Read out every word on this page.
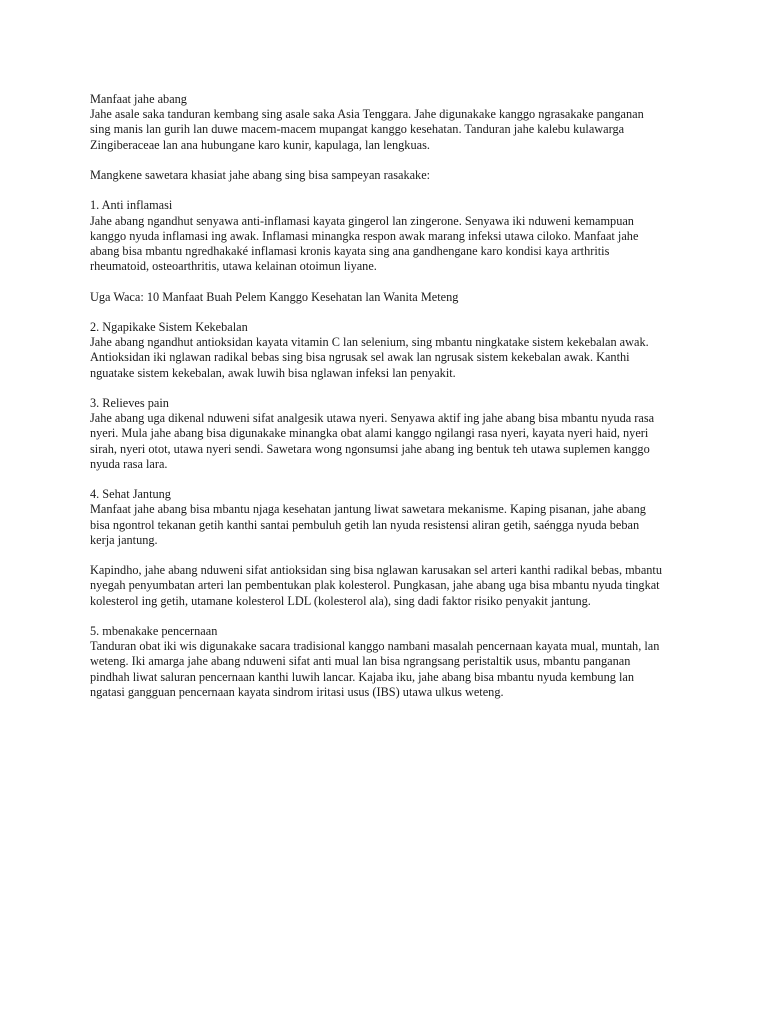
Manfaat jahe abang
Jahe asale saka tanduran kembang sing asale saka Asia Tenggara. Jahe digunakake kanggo ngrasakake panganan
sing manis lan gurih lan duwe macem-macem mupangat kanggo kesehatan. Tanduran jahe kalebu kulawarga
Zingiberaceae lan ana hubungane karo kunir, kapulaga, lan lengkuas.
Mangkene sawetara khasiat jahe abang sing bisa sampeyan rasakake:
1. Anti inflamasi
Jahe abang ngandhut senyawa anti-inflamasi kayata gingerol lan zingerone. Senyawa iki nduweni kemampuan
kanggo nyuda inflamasi ing awak. Inflamasi minangka respon awak marang infeksi utawa ciloko. Manfaat jahe
abang bisa mbantu ngredhakaké inflamasi kronis kayata sing ana gandhengane karo kondisi kaya arthritis
rheumatoid, osteoarthritis, utawa kelainan otoimun liyane.
Uga Waca: 10 Manfaat Buah Pelem Kanggo Kesehatan lan Wanita Meteng
2. Ngapikake Sistem Kekebalan
Jahe abang ngandhut antioksidan kayata vitamin C lan selenium, sing mbantu ningkatake sistem kekebalan awak.
Antioksidan iki nglawan radikal bebas sing bisa ngrusak sel awak lan ngrusak sistem kekebalan awak. Kanthi
nguatake sistem kekebalan, awak luwih bisa nglawan infeksi lan penyakit.
3. Relieves pain
Jahe abang uga dikenal nduweni sifat analgesik utawa nyeri. Senyawa aktif ing jahe abang bisa mbantu nyuda rasa
nyeri. Mula jahe abang bisa digunakake minangka obat alami kanggo ngilangi rasa nyeri, kayata nyeri haid, nyeri
sirah, nyeri otot, utawa nyeri sendi. Sawetara wong ngonsumsi jahe abang ing bentuk teh utawa suplemen kanggo
nyuda rasa lara.
4. Sehat Jantung
Manfaat jahe abang bisa mbantu njaga kesehatan jantung liwat sawetara mekanisme. Kaping pisanan, jahe abang
bisa ngontrol tekanan getih kanthi santai pembuluh getih lan nyuda resistensi aliran getih, saéngga nyuda beban
kerja jantung.
Kapindho, jahe abang nduweni sifat antioksidan sing bisa nglawan karusakan sel arteri kanthi radikal bebas, mbantu
nyegah penyumbatan arteri lan pembentukan plak kolesterol. Pungkasan, jahe abang uga bisa mbantu nyuda tingkat
kolesterol ing getih, utamane kolesterol LDL (kolesterol ala), sing dadi faktor risiko penyakit jantung.
5. mbenakake pencernaan
Tanduran obat iki wis digunakake sacara tradisional kanggo nambani masalah pencernaan kayata mual, muntah, lan
weteng. Iki amarga jahe abang nduweni sifat anti mual lan bisa ngrangsang peristaltik usus, mbantu panganan
pindhah liwat saluran pencernaan kanthi luwih lancar. Kajaba iku, jahe abang bisa mbantu nyuda kembung lan
ngatasi gangguan pencernaan kayata sindrom iritasi usus (IBS) utawa ulkus weteng.
